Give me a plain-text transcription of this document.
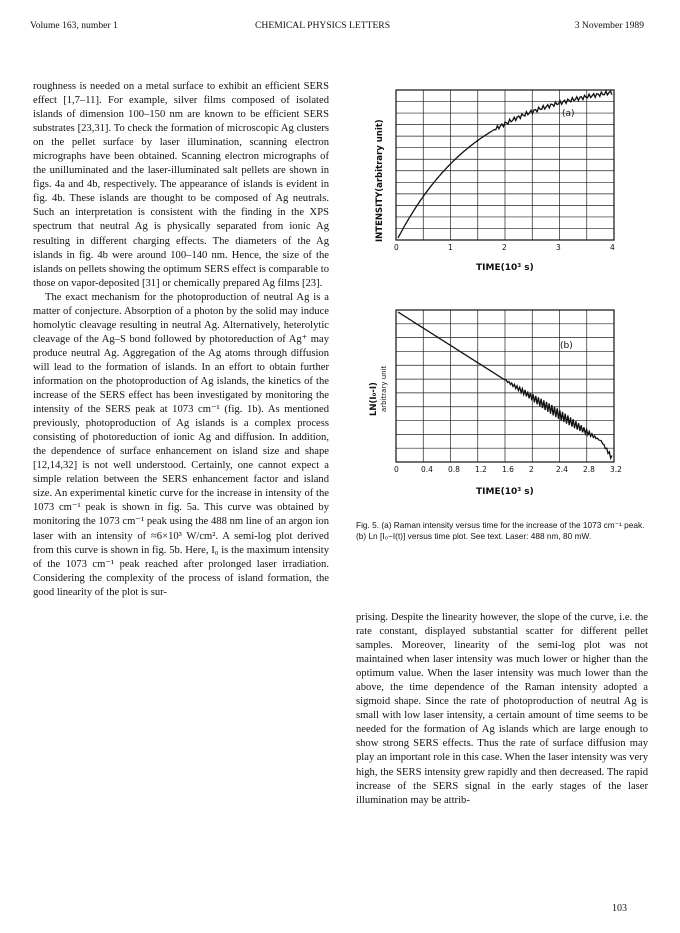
Volume 163, number 1	CHEMICAL PHYSICS LETTERS	3 November 1989

roughness is needed on a metal surface to exhibit an efficient SERS effect [1,7–11]. For example, silver films composed of isolated islands of dimension 100–150 nm are known to be efficient SERS substrates [23,31]. To check the formation of microscopic Ag clusters on the pellet surface by laser illumination, scanning electron micrographs have been obtained. Scanning electron micrographs of the unilluminated and the laser-illuminated salt pellets are shown in figs. 4a and 4b, respectively. The appearance of islands is evident in fig. 4b. These islands are thought to be composed of Ag neutrals. Such an interpretation is consistent with the finding in the XPS spectrum that neutral Ag is physically separated from ionic Ag resulting in different charging effects. The diameters of the Ag islands in fig. 4b were around 100–140 nm. Hence, the size of the islands on pellets showing the optimum SERS effect is comparable to those on vapor-deposited [31] or chemically prepared Ag films [23].

The exact mechanism for the photoproduction of neutral Ag is a matter of conjecture. Absorption of a photon by the solid may induce homolytic cleavage resulting in neutral Ag. Alternatively, heterolytic cleavage of the Ag–S bond followed by photoreduction of Ag⁺ may produce neutral Ag. Aggregation of the Ag atoms through diffusion will lead to the formation of islands. In an effort to obtain further information on the photoproduction of Ag islands, the kinetics of the increase of the SERS effect has been investigated by monitoring the intensity of the SERS peak at 1073 cm⁻¹ (fig. 1b). As mentioned previously, photoproduction of Ag islands is a complex process consisting of photoreduction of ionic Ag and diffusion. In addition, the dependence of surface enhancement on island size and shape [12,14,32] is not well understood. Certainly, one cannot expect a simple relation between the SERS enhancement factor and island size. An experimental kinetic curve for the increase in intensity of the 1073 cm⁻¹ peak is shown in fig. 5a. This curve was obtained by monitoring the 1073 cm⁻¹ peak using the 488 nm line of an argon ion laser with an intensity of ≈6×10³ W/cm². A semi-log plot derived from this curve is shown in fig. 5b. Here, I₀ is the maximum intensity of the 1073 cm⁻¹ peak reached after prolonged laser irradiation. Considering the complexity of the process of island formation, the good linearity of the plot is sur-

(a)
0	1	2	3	4
INTENSITY(arbitrary unit)
TIME(10³ s)
(b)
0	0.4 0.8 1.2 1.6 2	2.4 2.8 3.2
LN(I₀-I) arbitrary unit
TIME(10³ s)
Fig. 5. (a) Raman intensity versus time for the increase of the 1073 cm⁻¹ peak. (b) Ln [I₀−I(t)] versus time plot. See text. Laser: 488 nm, 80 mW.

prising. Despite the linearity however, the slope of the curve, i.e. the rate constant, displayed substantial scatter for different pellet samples. Moreover, linearity of the semi-log plot was not maintained when laser intensity was much lower or higher than the optimum value. When the laser intensity was much lower than the above, the time dependence of the Raman intensity adopted a sigmoid shape. Since the rate of photoproduction of neutral Ag is small with low laser intensity, a certain amount of time seems to be needed for the formation of Ag islands which are large enough to show strong SERS effects. Thus the rate of surface diffusion may play an important role in this case. When the laser intensity was very high, the SERS intensity grew rapidly and then decreased. The rapid increase of the SERS signal in the early stages of the laser illumination may be attrib-

103
